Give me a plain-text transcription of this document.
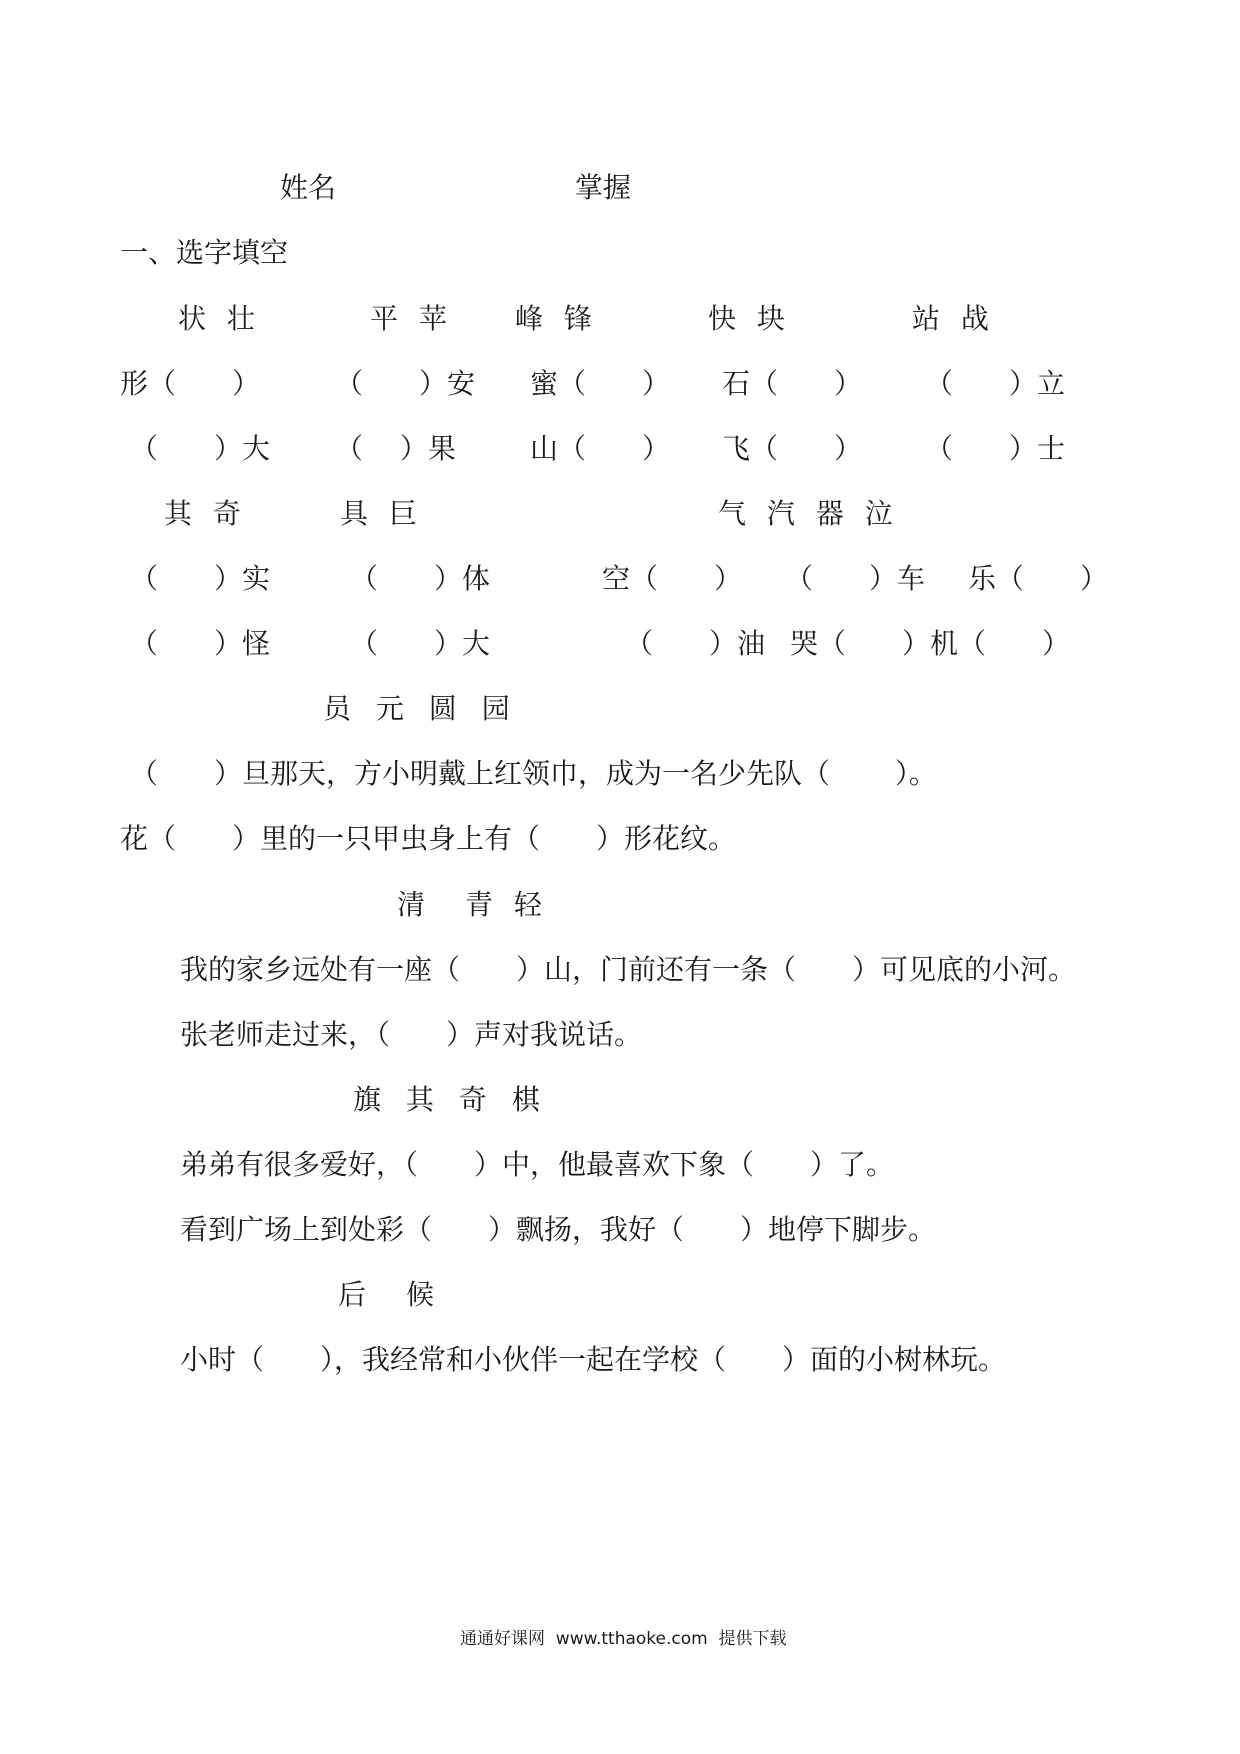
姓名	掌握
一、选字填空
状 壮	平 苹 峰 锋	快 块	站 战
形（　　）	（　　）安 蜜（　　） 石（　　） （　　）立
（　　）大 （　 ）果	山（　　） 飞（　　） （　　）士
其 奇	具 巨	气 汽 器 泣
（　　）实	（　　）体	空（　　） （　　）车 乐（　　）
（　　）怪	（　　）大	（　　）油 哭（　　）机（　　）
员 元 圆 园
（　　）旦那天，方小明戴上红领巾，成为一名少先队（　　 ）。
花（　　）里的一只甲虫身上有（　　）形花纹。
清　青 轻
我的家乡远处有一座（　　）山，门前还有一条（　　）可见底的小河。
张老师走过来，（　　）声对我说话。
旗 其 奇 棋
弟弟有很多爱好，（　　）中，他最喜欢下象（　　）了。
看到广场上到处彩（　　）飘扬，我好（　　）地停下脚步。
后　候
小时（　　），我经常和小伙伴一起在学校（　　）面的小树林玩。
通通好课网  www.tthaoke.com  提供下载
